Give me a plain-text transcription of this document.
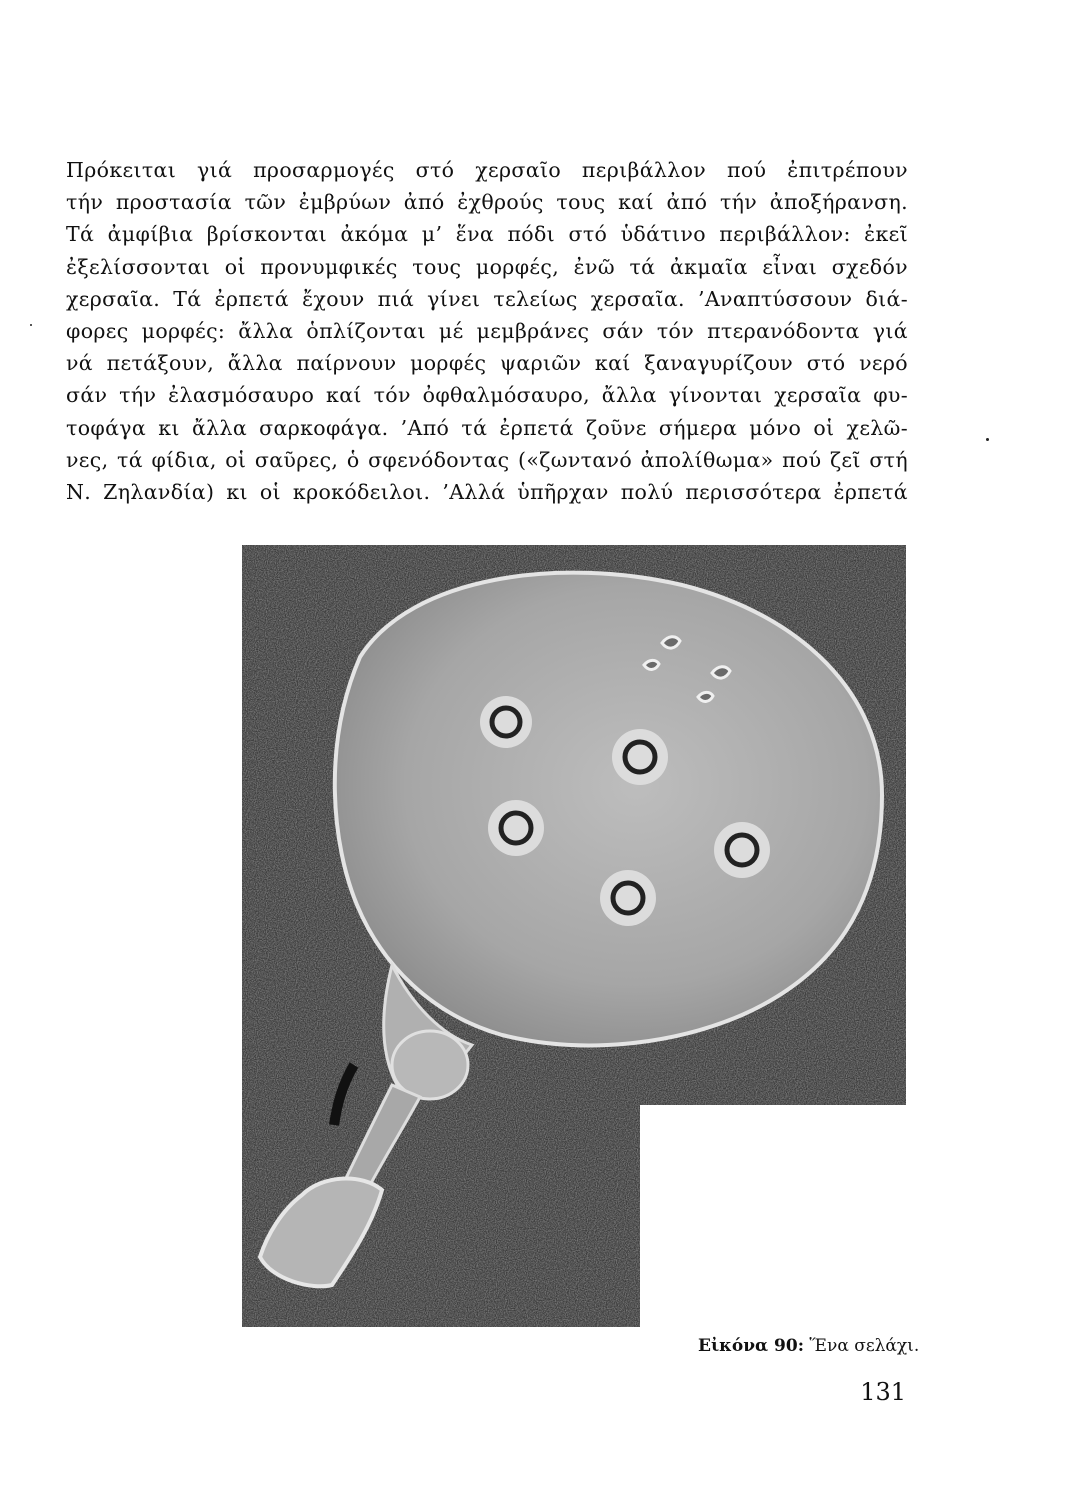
Πρόκειται γιά προσαρμογές στό χερσαῖο περιβάλλον πού ἐπιτρέπουν
τήν προστασία τῶν ἐμβρύων ἀπό ἐχθρούς τους καί ἀπό τήν ἀποξήρανση.
Τά ἀμφίβια βρίσκονται ἀκόμα μ’ ἕνα πόδι στό ὑδάτινο περιβάλλον: ἐκεῖ
ἐξελίσσονται οἱ προνυμφικές τους μορφές, ἐνῶ τά ἀκμαῖα εἶναι σχεδόν
χερσαῖα. Τά ἐρπετά ἔχουν πιά γίνει τελείως χερσαῖα. ’Αναπτύσσουν διά-
φορες μορφές: ἄλλα ὁπλίζονται μέ μεμβράνες σάν τόν πτερανόδοντα γιά
νά πετάξουν, ἄλλα παίρνουν μορφές ψαριῶν καί ξαναγυρίζουν στό νερό
σάν τήν ἐλασμόσαυρο καί τόν ὀφθαλμόσαυρο, ἄλλα γίνονται χερσαῖα φυ-
τοφάγα κι ἄλλα σαρκοφάγα. ’Από τά ἐρπετά ζοῦνε σήμερα μόνο οἱ χελῶ-
νες, τά φίδια, οἱ σαῦρες, ὁ σφενόδοντας («ζωντανό ἀπολίθωμα» πού ζεῖ στή
Ν. Ζηλανδία) κι οἱ κροκόδειλοι. ’Αλλά ὑπῆρχαν πολύ περισσότερα ἐρπετά
Εἰκόνα 90: Ἕνα σελάχι.
131
